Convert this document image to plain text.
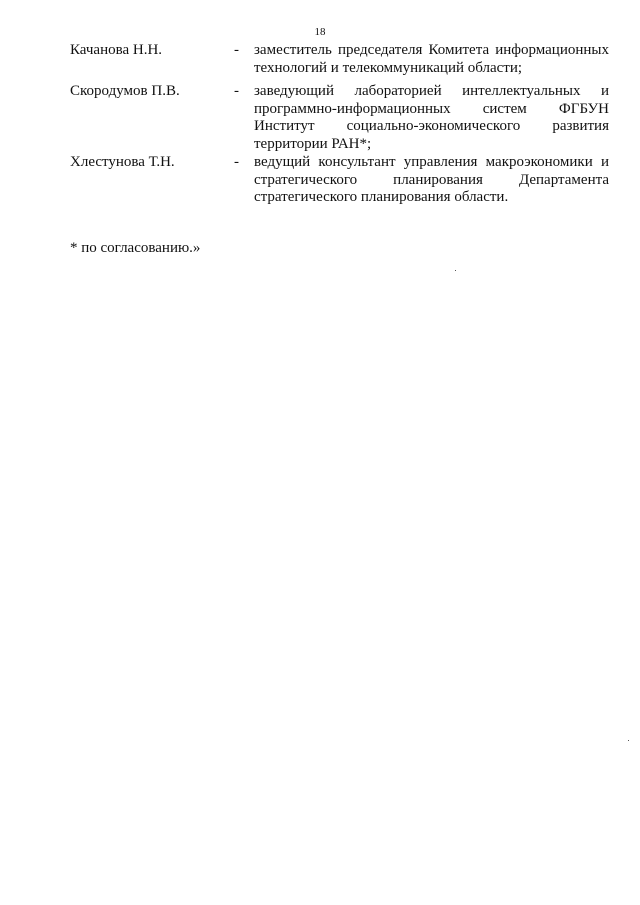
18
Качанова Н.Н.	- заместитель председателя Комитета информационных технологий и телекоммуникаций области;
Скородумов П.В.	- заведующий лабораторией интеллектуальных и программно-информационных систем ФГБУН Институт социально-экономического развития территории РАН*;
Хлестунова Т.Н.	- ведущий консультант управления макроэкономики и стратегического планирования Департамента стратегического планирования области.
* по согласованию.»
